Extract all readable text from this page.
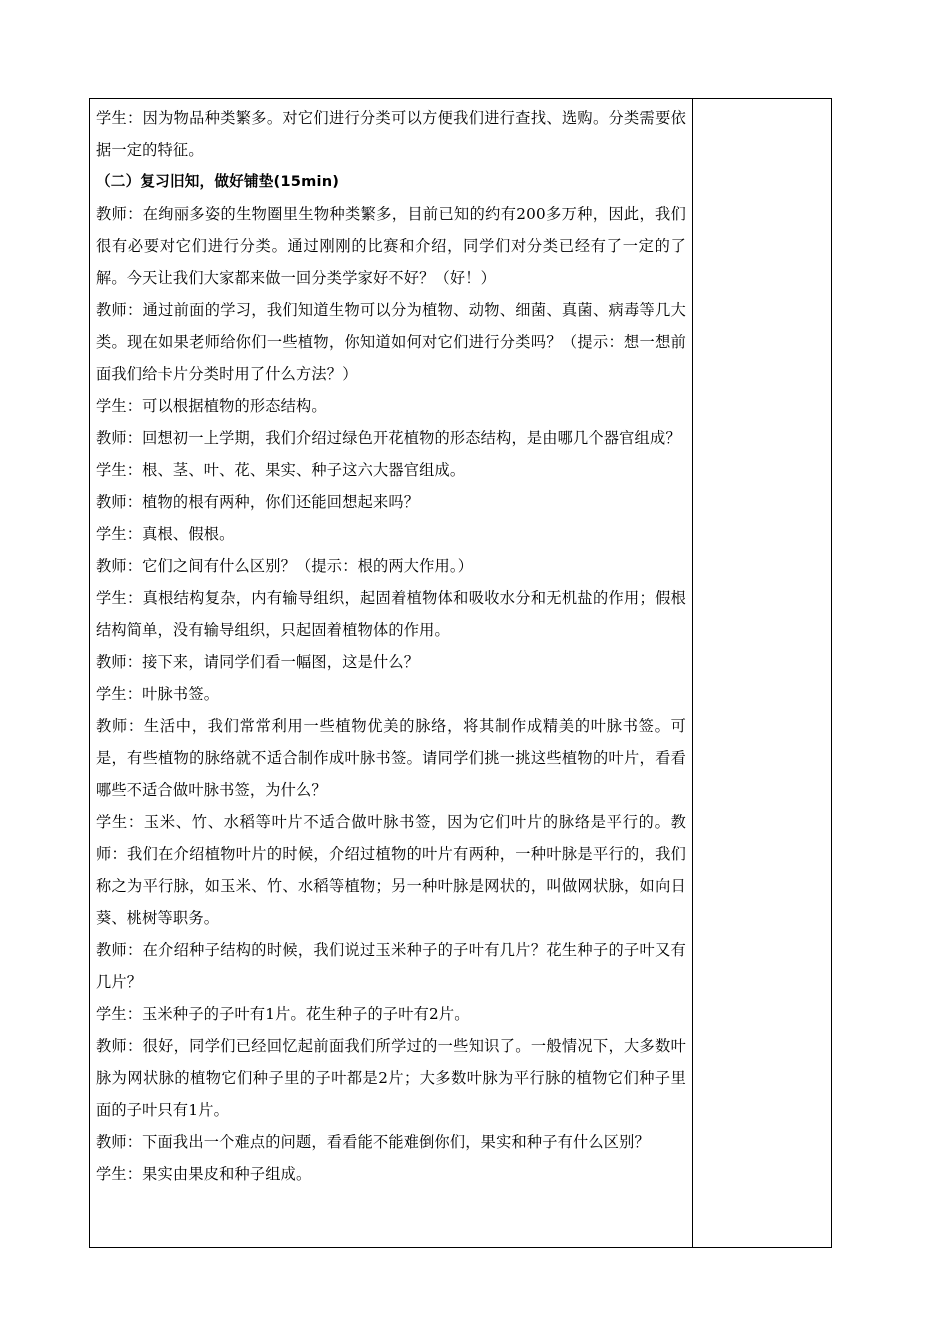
学生：因为物品种类繁多。对它们进行分类可以方便我们进行查找、选购。分类需要依据一定的特征。

（二）复习旧知，做好铺垫(15min)

教师：在绚丽多姿的生物圈里生物种类繁多，目前已知的约有200多万种，因此，我们很有必要对它们进行分类。通过刚刚的比赛和介绍，同学们对分类已经有了一定的了解。今天让我们大家都来做一回分类学家好不好？（好！）

教师：通过前面的学习，我们知道生物可以分为植物、动物、细菌、真菌、病毒等几大类。现在如果老师给你们一些植物，你知道如何对它们进行分类吗？（提示：想一想前面我们给卡片分类时用了什么方法？）

学生：可以根据植物的形态结构。

教师：回想初一上学期，我们介绍过绿色开花植物的形态结构，是由哪几个器官组成？

学生：根、茎、叶、花、果实、种子这六大器官组成。

教师：植物的根有两种，你们还能回想起来吗？

学生：真根、假根。

教师：它们之间有什么区别？（提示：根的两大作用。）

学生：真根结构复杂，内有输导组织，起固着植物体和吸收水分和无机盐的作用；假根结构简单，没有输导组织，只起固着植物体的作用。

教师：接下来，请同学们看一幅图，这是什么？

学生：叶脉书签。

教师：生活中，我们常常利用一些植物优美的脉络，将其制作成精美的叶脉书签。可是，有些植物的脉络就不适合制作成叶脉书签。请同学们挑一挑这些植物的叶片，看看哪些不适合做叶脉书签，为什么？

学生：玉米、竹、水稻等叶片不适合做叶脉书签，因为它们叶片的脉络是平行的。教师：我们在介绍植物叶片的时候，介绍过植物的叶片有两种，一种叶脉是平行的，我们称之为平行脉，如玉米、竹、水稻等植物；另一种叶脉是网状的，叫做网状脉，如向日葵、桃树等职务。

教师：在介绍种子结构的时候，我们说过玉米种子的子叶有几片？花生种子的子叶又有几片？

学生：玉米种子的子叶有1片。花生种子的子叶有2片。

教师：很好，同学们已经回忆起前面我们所学过的一些知识了。一般情况下，大多数叶脉为网状脉的植物它们种子里的子叶都是2片；大多数叶脉为平行脉的植物它们种子里面的子叶只有1片。

教师：下面我出一个难点的问题，看看能不能难倒你们，果实和种子有什么区别？

学生：果实由果皮和种子组成。
